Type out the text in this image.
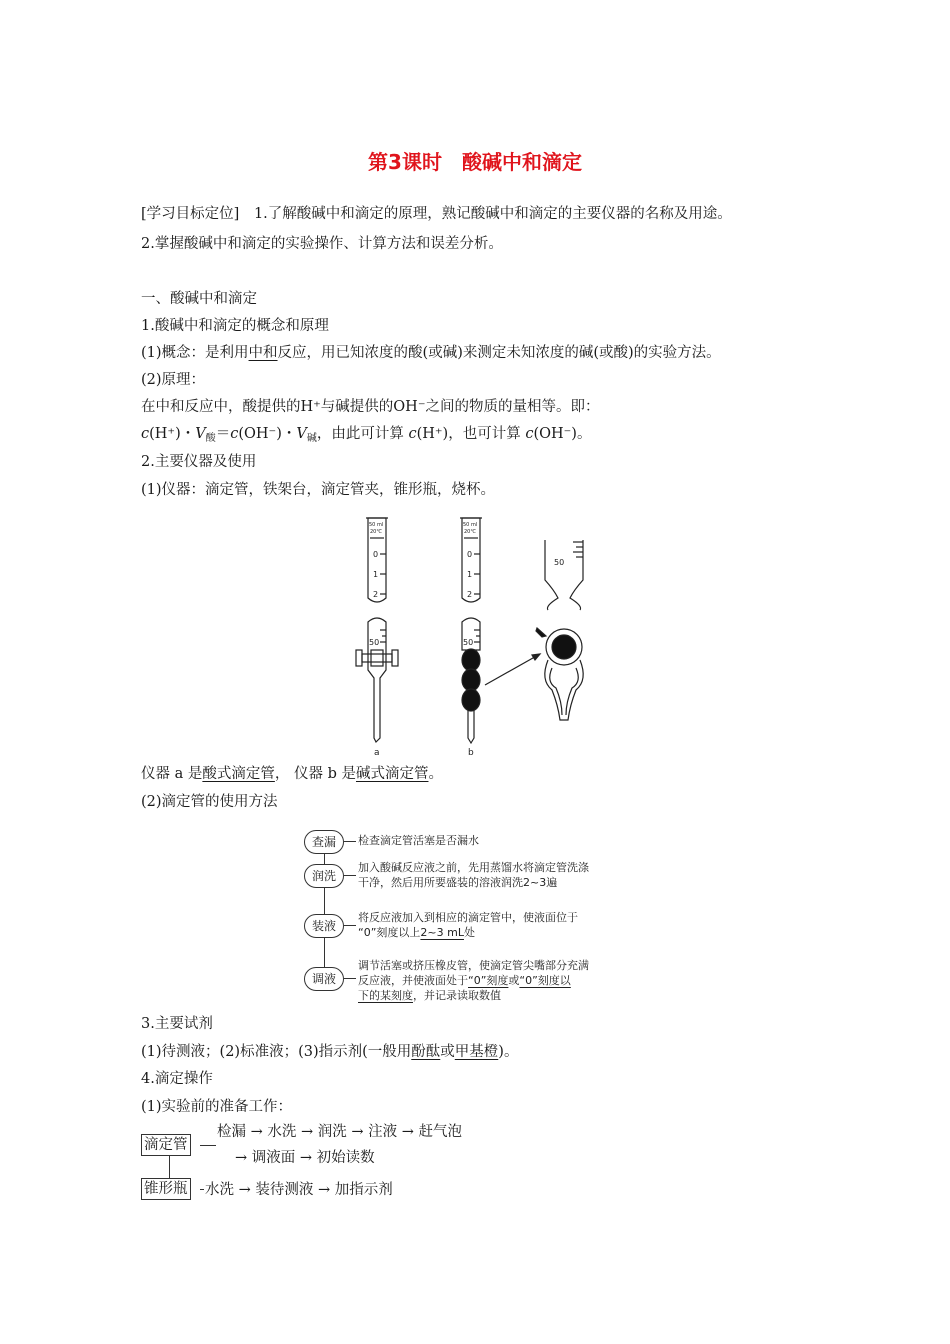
第3课时　酸碱中和滴定
[学习目标定位] 1.了解酸碱中和滴定的原理，熟记酸碱中和滴定的主要仪器的名称及用途。
2.掌握酸碱中和滴定的实验操作、计算方法和误差分析。
一、酸碱中和滴定
1.酸碱中和滴定的概念和原理
(1)概念：是利用中和反应，用已知浓度的酸(或碱)来测定未知浓度的碱(或酸)的实验方法。
(2)原理：
在中和反应中，酸提供的H⁺与碱提供的OH⁻之间的物质的量相等。即：
c(H⁺)・$V_酸=c(OH^-)$・$V_碱$，由此可计算 c(H⁺)，也可计算 c(OH⁻)。
2.主要仪器及使用
(1)仪器：滴定管，铁架台，滴定管夹，锥形瓶，烧杯。
50 ml
20℃
0
1
2
50
a
50 ml
20℃
0
1
2
50
b
50
仪器 a 是酸式滴定管， 仪器 b 是碱式滴定管。
(2)滴定管的使用方法
查漏
润洗
装液
调液
检查滴定管活塞是否漏水
加入酸碱反应液之前，先用蒸馏水将滴定管洗涤
干净，然后用所要盛装的溶液润洗2~3遍
将反应液加入到相应的滴定管中，使液面位于
“0”刻度以上2~3 mL处
调节活塞或挤压橡皮管，使滴定管尖嘴部分充满
反应液，并使液面处于“0”刻度或“0”刻度以
下的某刻度，并记录读取数值
3.主要试剂
(1)待测液；(2)标准液；(3)指示剂(一般用酚酞或甲基橙)。
4.滴定操作
(1)实验前的准备工作：
滴定管
锥形瓶
检漏 → 水洗 → 润洗 → 注液 → 赶气泡
→ 调液面 → 初始读数
水洗 → 装待测液 → 加指示剂
